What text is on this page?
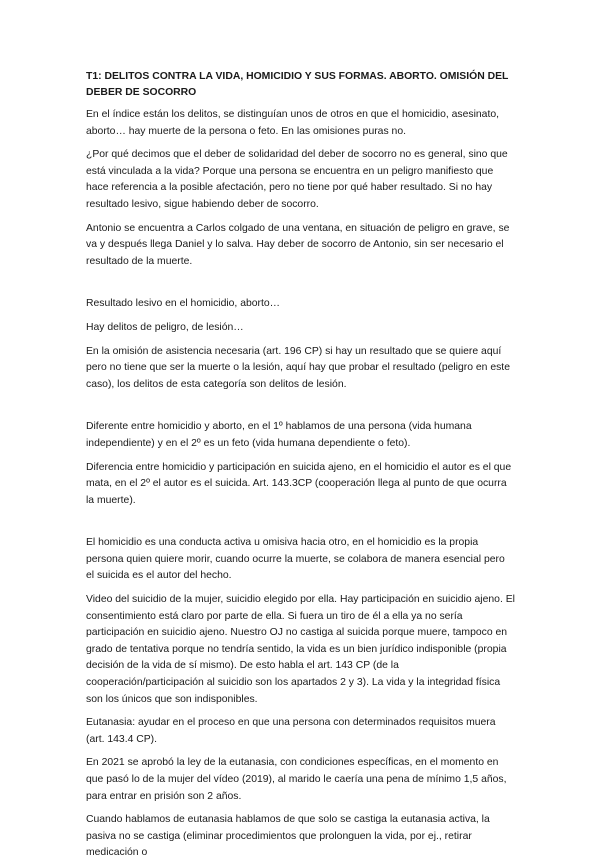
T1: DELITOS CONTRA LA VIDA, HOMICIDIO Y SUS FORMAS. ABORTO. OMISIÓN DEL DEBER DE SOCORRO

En el índice están los delitos, se distinguían unos de otros en que el homicidio, asesinato, aborto… hay muerte de la persona o feto. En las omisiones puras no.

¿Por qué decimos que el deber de solidaridad del deber de socorro no es general, sino que está vinculada a la vida? Porque una persona se encuentra en un peligro manifiesto que hace referencia a la posible afectación, pero no tiene por qué haber resultado. Si no hay resultado lesivo, sigue habiendo deber de socorro.

Antonio se encuentra a Carlos colgado de una ventana, en situación de peligro en grave, se va y después llega Daniel y lo salva. Hay deber de socorro de Antonio, sin ser necesario el resultado de la muerte.

Resultado lesivo en el homicidio, aborto…

Hay delitos de peligro, de lesión…

En la omisión de asistencia necesaria (art. 196 CP) si hay un resultado que se quiere aquí pero no tiene que ser la muerte o la lesión, aquí hay que probar el resultado (peligro en este caso), los delitos de esta categoría son delitos de lesión.

Diferente entre homicidio y aborto, en el 1º hablamos de una persona (vida humana independiente) y en el 2º es un feto (vida humana dependiente o feto).

Diferencia entre homicidio y participación en suicida ajeno, en el homicidio el autor es el que mata, en el 2º el autor es el suicida. Art. 143.3CP (cooperación llega al punto de que ocurra la muerte).

El homicidio es una conducta activa u omisiva hacia otro, en el homicidio es la propia persona quien quiere morir, cuando ocurre la muerte, se colabora de manera esencial pero el suicida es el autor del hecho.

Video del suicidio de la mujer, suicidio elegido por ella. Hay participación en suicidio ajeno. El consentimiento está claro por parte de ella. Si fuera un tiro de él a ella ya no sería participación en suicidio ajeno. Nuestro OJ no castiga al suicida porque muere, tampoco en grado de tentativa porque no tendría sentido, la vida es un bien jurídico indisponible (propia decisión de la vida de sí mismo). De esto habla el art. 143 CP (de la cooperación/participación al suicidio son los apartados 2 y 3). La vida y la integridad física son los únicos que son indisponibles.

Eutanasia: ayudar en el proceso en que una persona con determinados requisitos muera (art. 143.4 CP).

En 2021 se aprobó la ley de la eutanasia, con condiciones específicas, en el momento en que pasó lo de la mujer del vídeo (2019), al marido le caería una pena de mínimo 1,5 años, para entrar en prisión son 2 años.

Cuando hablamos de eutanasia hablamos de que solo se castiga la eutanasia activa, la pasiva no se castiga (eliminar procedimientos que prolonguen la vida, por ej., retirar medicación o
